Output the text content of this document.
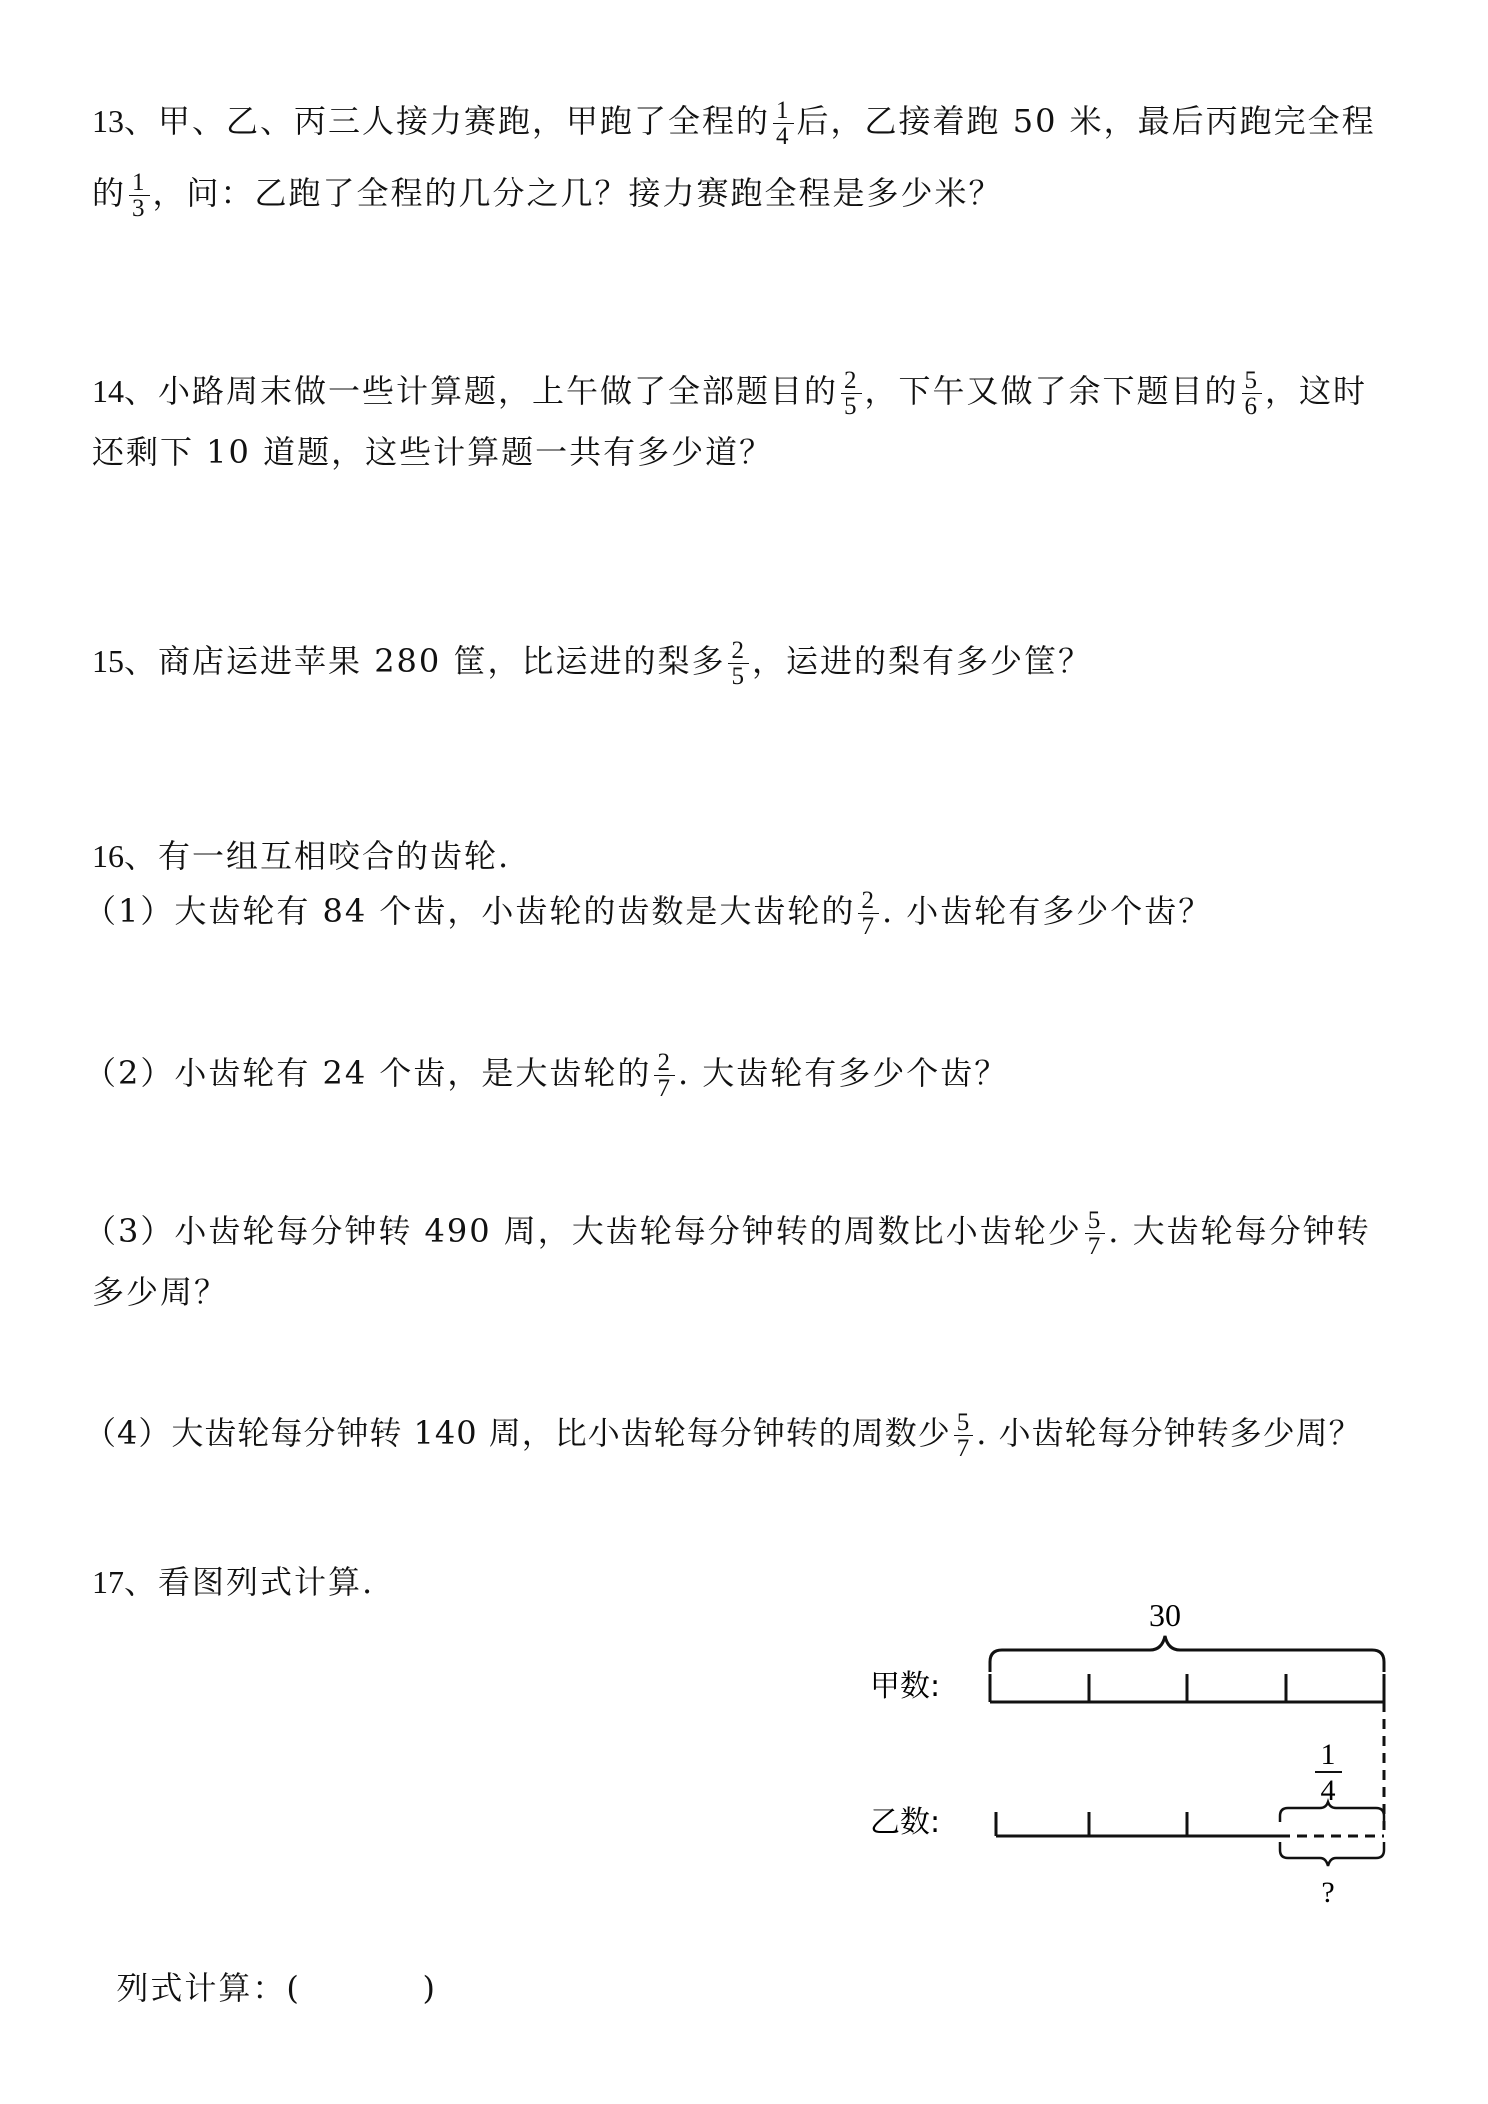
13、甲、乙、丙三人接力赛跑，甲跑了全程的 $\frac{1}{4}$ 后，乙接着跑 50 米，最后丙跑完全程
的 $\frac{1}{3}$ ，问：乙跑了全程的几分之几？接力赛跑全程是多少米？
14、小路周末做一些计算题，上午做了全部题目的 $\frac{2}{5}$ ，下午又做了余下题目的 $\frac{5}{6}$ ，这时
还剩下 10 道题，这些计算题一共有多少道？
15、商店运进苹果 280 筐，比运进的梨多 $\frac{2}{5}$ ，运进的梨有多少筐？
16、有一组互相咬合的齿轮.
（1）大齿轮有 84 个齿，小齿轮的齿数是大齿轮的 $\frac{2}{7}$ . 小齿轮有多少个齿？
（2）小齿轮有 24 个齿，是大齿轮的 $\frac{2}{7}$ . 大齿轮有多少个齿？
（3）小齿轮每分钟转 490 周，大齿轮每分钟转的周数比小齿轮少 $\frac{5}{7}$ . 大齿轮每分钟转
多少周？
（4）大齿轮每分钟转 140 周，比小齿轮每分钟转的周数少 $\frac{5}{7}$ . 小齿轮每分钟转多少周？
17、看图列式计算.
30
甲数:
1
4
乙数:
?

列式计算：(          )
